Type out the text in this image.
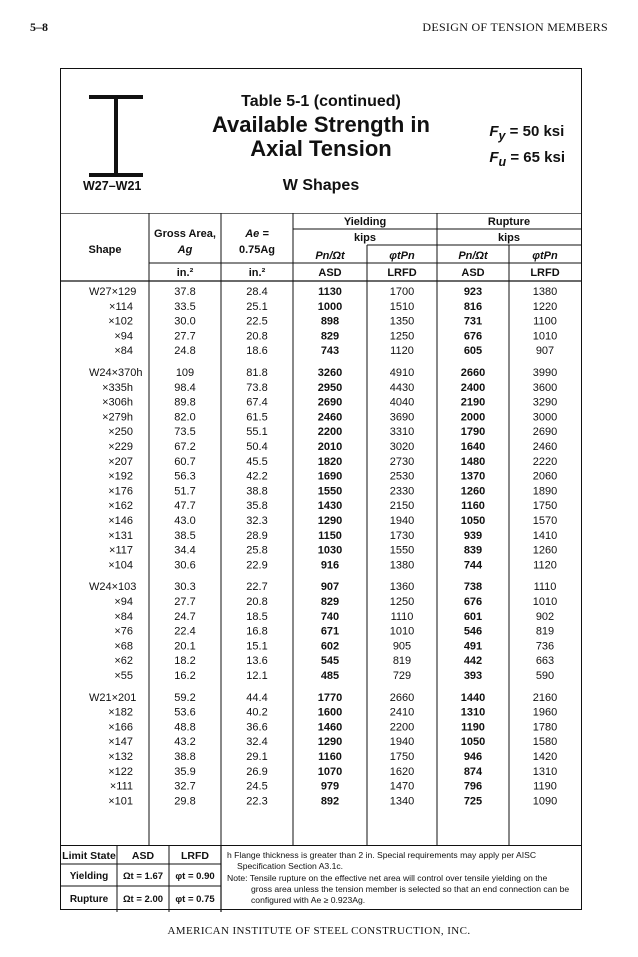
5–8	DESIGN OF TENSION MEMBERS
W27–W21
Table 5-1 (continued)
Available Strength in
Axial Tension
W Shapes
$F_y = 50$ ksi
$F_u = 65$ ksi
Shape
Gross Area,
Ag
Ae =
0.75Ag
Yielding
kips
Rupture
kips
Pn/Ωt	φtPn	Pn/Ωt	φtPn
in.²	in.²	ASD	LRFD	ASD	LRFD
W27×129	37.8	28.4	1130	1700	923	1380
×114	33.5	25.1	1000	1510	816	1220
×102	30.0	22.5	898	1350	731	1100
×94	27.7	20.8	829	1250	676	1010
×84	24.8	18.6	743	1120	605	907
W24×370h	109	81.8	3260	4910	2660	3990
×335h	98.4	73.8	2950	4430	2400	3600
×306h	89.8	67.4	2690	4040	2190	3290
×279h	82.0	61.5	2460	3690	2000	3000
×250	73.5	55.1	2200	3310	1790	2690
×229	67.2	50.4	2010	3020	1640	2460
×207	60.7	45.5	1820	2730	1480	2220
×192	56.3	42.2	1690	2530	1370	2060
×176	51.7	38.8	1550	2330	1260	1890
×162	47.7	35.8	1430	2150	1160	1750
×146	43.0	32.3	1290	1940	1050	1570
×131	38.5	28.9	1150	1730	939	1410
×117	34.4	25.8	1030	1550	839	1260
×104	30.6	22.9	916	1380	744	1120
W24×103	30.3	22.7	907	1360	738	1110
×94	27.7	20.8	829	1250	676	1010
×84	24.7	18.5	740	1110	601	902
×76	22.4	16.8	671	1010	546	819
×68	20.1	15.1	602	905	491	736
×62	18.2	13.6	545	819	442	663
×55	16.2	12.1	485	729	393	590
W21×201	59.2	44.4	1770	2660	1440	2160
×182	53.6	40.2	1600	2410	1310	1960
×166	48.8	36.6	1460	2200	1190	1780
×147	43.2	32.4	1290	1940	1050	1580
×132	38.8	29.1	1160	1750	946	1420
×122	35.9	26.9	1070	1620	874	1310
×111	32.7	24.5	979	1470	796	1190
×101	29.8	22.3	892	1340	725	1090
Limit State ASD	LRFD
Yielding Ωt = 1.67 φt = 0.90
Rupture Ωt = 2.00 φt = 0.75
h Flange thickness is greater than 2 in. Special requirements may apply per AISC
Specification Section A3.1c.
Note: Tensile rupture on the effective net area will control over tensile yielding on the
gross area unless the tension member is selected so that an end connection can be
configured with Ae ≥ 0.923Ag.
AMERICAN INSTITUTE OF STEEL CONSTRUCTION, INC.
